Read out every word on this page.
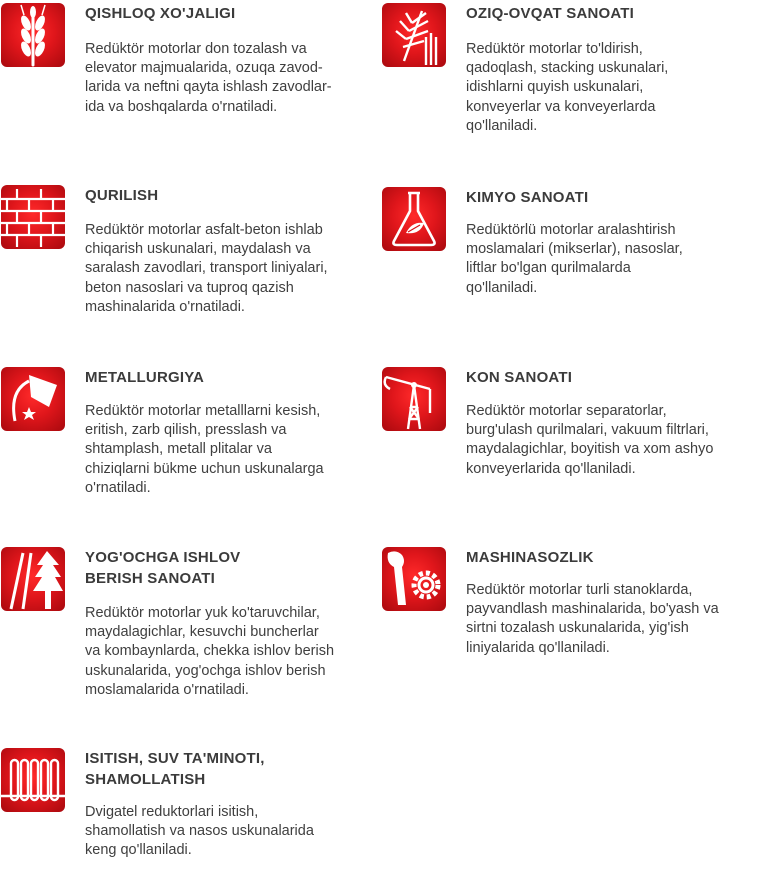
QISHLOQ XO'JALIGI
Redüktör motorlar don tozalash va
elevator majmualarida, ozuqa zavod-
larida va neftni qayta ishlash zavodlar-
ida va boshqalarda o'rnatiladi.
OZIQ-OVQAT SANOATI
Redüktör motorlar to'ldirish,
qadoqlash, stacking uskunalari,
idishlarni quyish uskunalari,
konveyerlar va konveyerlarda
qo'llaniladi.
QURILISH
Redüktör motorlar asfalt-beton ishlab
chiqarish uskunalari, maydalash va
saralash zavodlari, transport liniyalari,
beton nasoslari va tuproq qazish
mashinalarida o'rnatiladi.
KIMYO SANOATI
Redüktörlü motorlar aralashtirish
moslamalari (mikserlar), nasoslar,
liftlar bo'lgan qurilmalarda
qo'llaniladi.
METALLURGIYA
Redüktör motorlar metalllarni kesish,
eritish, zarb qilish, presslash va
shtamplash, metall plitalar va
chiziqlarni bükme uchun uskunalarga
o'rnatiladi.
KON SANOATI
Redüktör motorlar separatorlar,
burg'ulash qurilmalari, vakuum filtrlari,
maydalagichlar, boyitish va xom ashyo
konveyerlarida qo'llaniladi.
YOG'OCHGA ISHLOV
BERISH SANOATI
Redüktör motorlar yuk ko'taruvchilar,
maydalagichlar, kesuvchi buncherlar
va kombaynlarda, chekka ishlov berish
uskunalarida, yog'ochga ishlov berish
moslamalarida o'rnatiladi.
MASHINASOZLIK
Redüktör motorlar turli stanoklarda,
payvandlash mashinalarida, bo'yash va
sirtni tozalash uskunalarida, yig'ish
liniyalarida qo'llaniladi.
ISITISH, SUV TA'MINOTI,
SHAMOLLATISH
Dvigatel reduktorlari isitish,
shamollatish va nasos uskunalarida
keng qo'llaniladi.
